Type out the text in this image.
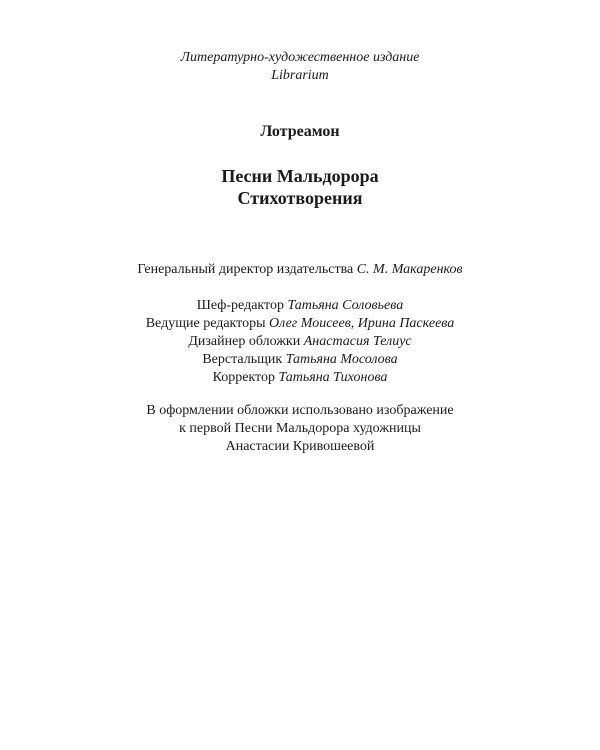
Литературно-художественное издание
Librarium
Лотреамон
Песни Мальдорора
Стихотворения
Генеральный директор издательства С. М. Макаренков
Шеф-редактор Татьяна Соловьева
Ведущие редакторы Олег Моисеев, Ирина Паскеева
Дизайнер обложки Анастасия Телиус
Верстальщик Татьяна Мосолова
Корректор Татьяна Тихонова
В оформлении обложки использовано изображение
к первой Песни Мальдорора художницы
Анастасии Кривошеевой
